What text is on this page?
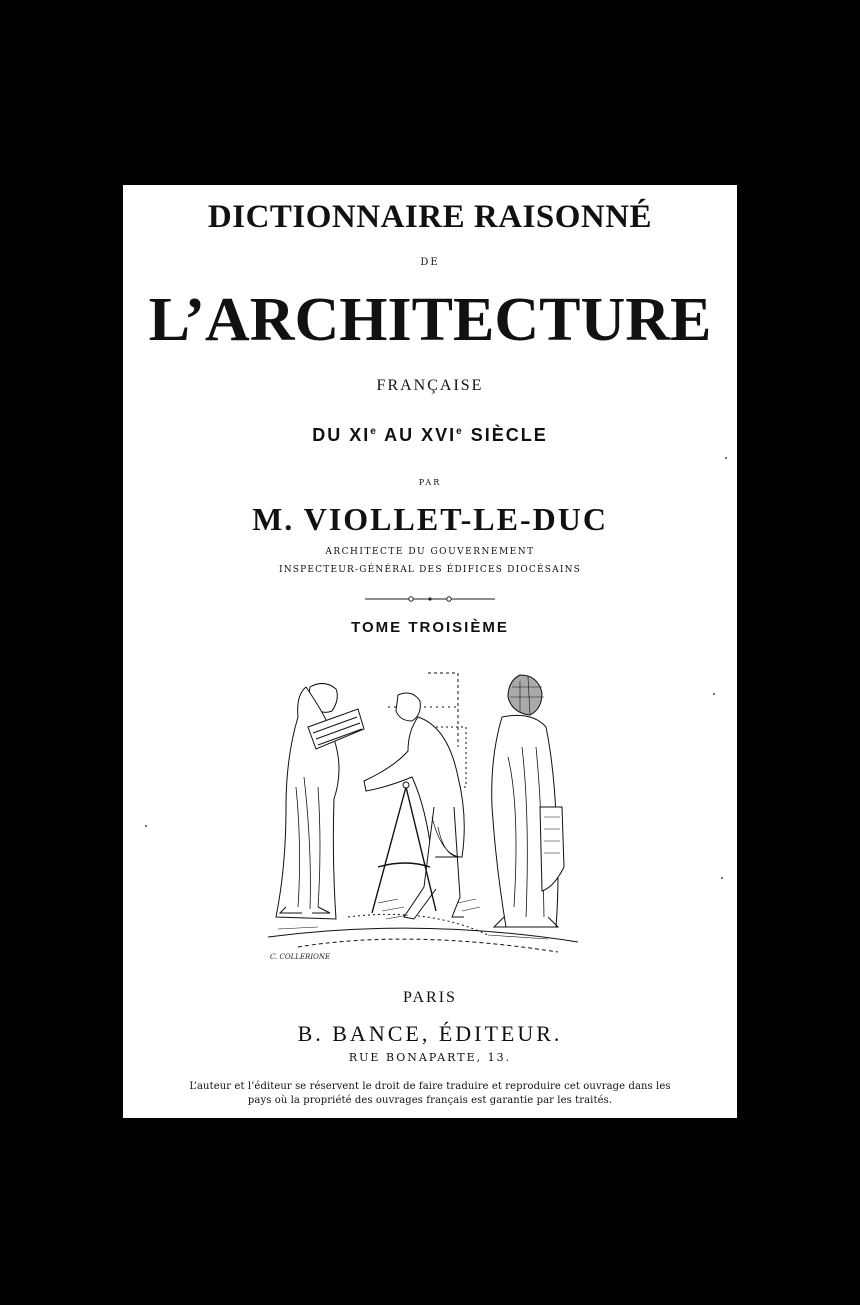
DICTIONNAIRE RAISONNÉ
DE
L’ARCHITECTURE
FRANÇAISE
DU XIe AU XVIe SIÈCLE
PAR
M. VIOLLET-LE-DUC
ARCHITECTE DU GOUVERNEMENT
INSPECTEUR-GÉNÉRAL DES ÉDIFICES DIOCÉSAINS
TOME TROISIÈME
C. COLLERIONE
PARIS
B. BANCE, ÉDITEUR.
RUE BONAPARTE, 13.
L’auteur et l’éditeur se réservent le droit de faire traduire et reproduire cet ouvrage dans les
pays où la propriété des ouvrages français est garantie par les traités.
